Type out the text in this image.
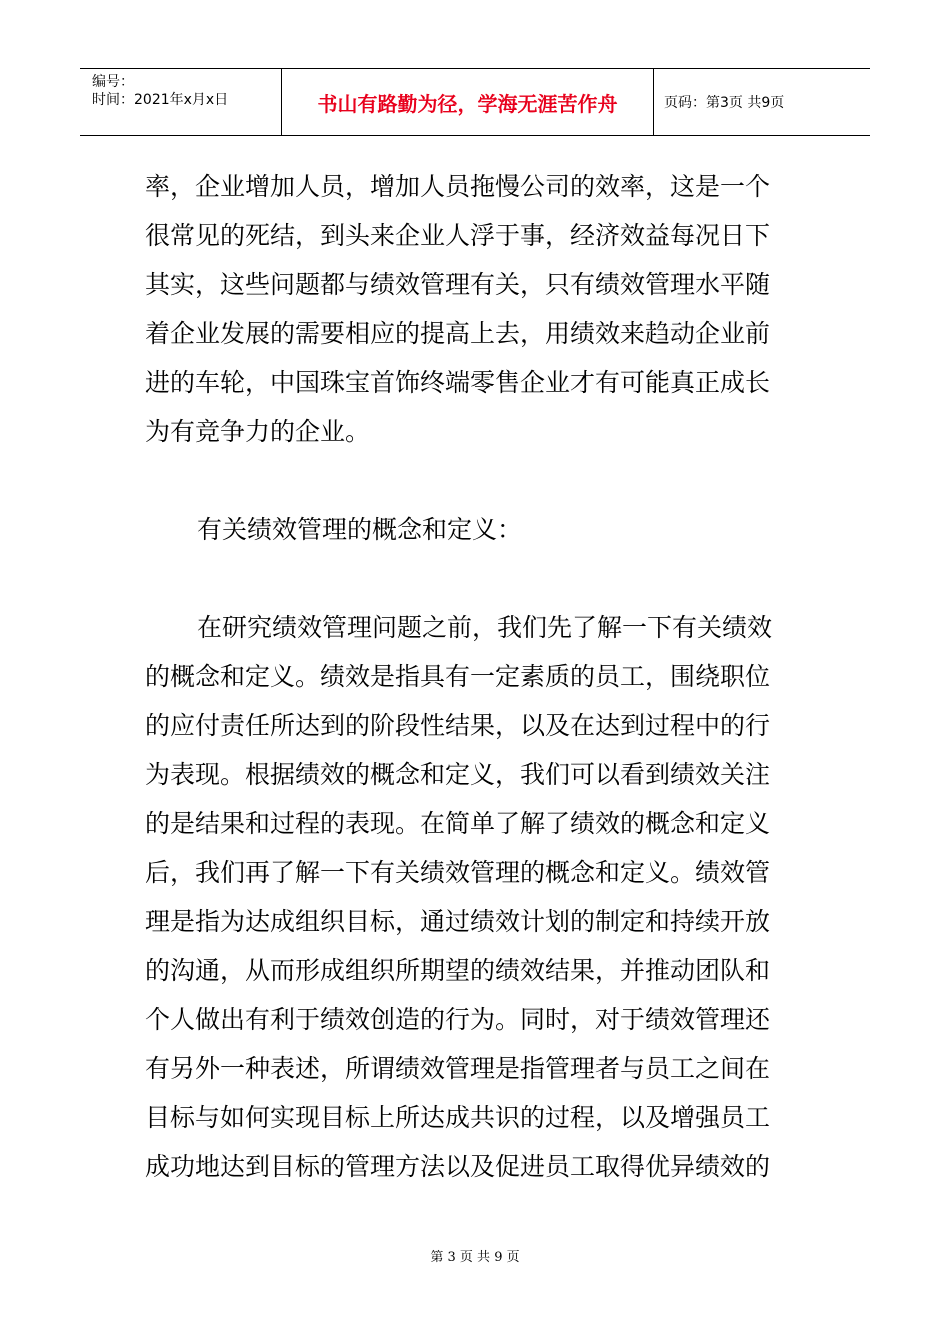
编号：
时间：2021年x月x日	书山有路勤为径，学海无涯苦作舟	页码：第3页 共9页

率，企业增加人员，增加人员拖慢公司的效率，这是一个

很常见的死结，到头来企业人浮于事，经济效益每况日下

其实，这些问题都与绩效管理有关，只有绩效管理水平随

着企业发展的需要相应的提高上去，用绩效来趋动企业前

进的车轮，中国珠宝首饰终端零售企业才有可能真正成长

为有竞争力的企业。

有关绩效管理的概念和定义：

在研究绩效管理问题之前，我们先了解一下有关绩效

的概念和定义。绩效是指具有一定素质的员工，围绕职位

的应付责任所达到的阶段性结果，以及在达到过程中的行

为表现。根据绩效的概念和定义，我们可以看到绩效关注

的是结果和过程的表现。在简单了解了绩效的概念和定义

后，我们再了解一下有关绩效管理的概念和定义。绩效管

理是指为达成组织目标，通过绩效计划的制定和持续开放

的沟通，从而形成组织所期望的绩效结果，并推动团队和

个人做出有利于绩效创造的行为。同时，对于绩效管理还

有另外一种表述，所谓绩效管理是指管理者与员工之间在

目标与如何实现目标上所达成共识的过程，以及增强员工

成功地达到目标的管理方法以及促进员工取得优异绩效的

第 3 页 共 9 页
